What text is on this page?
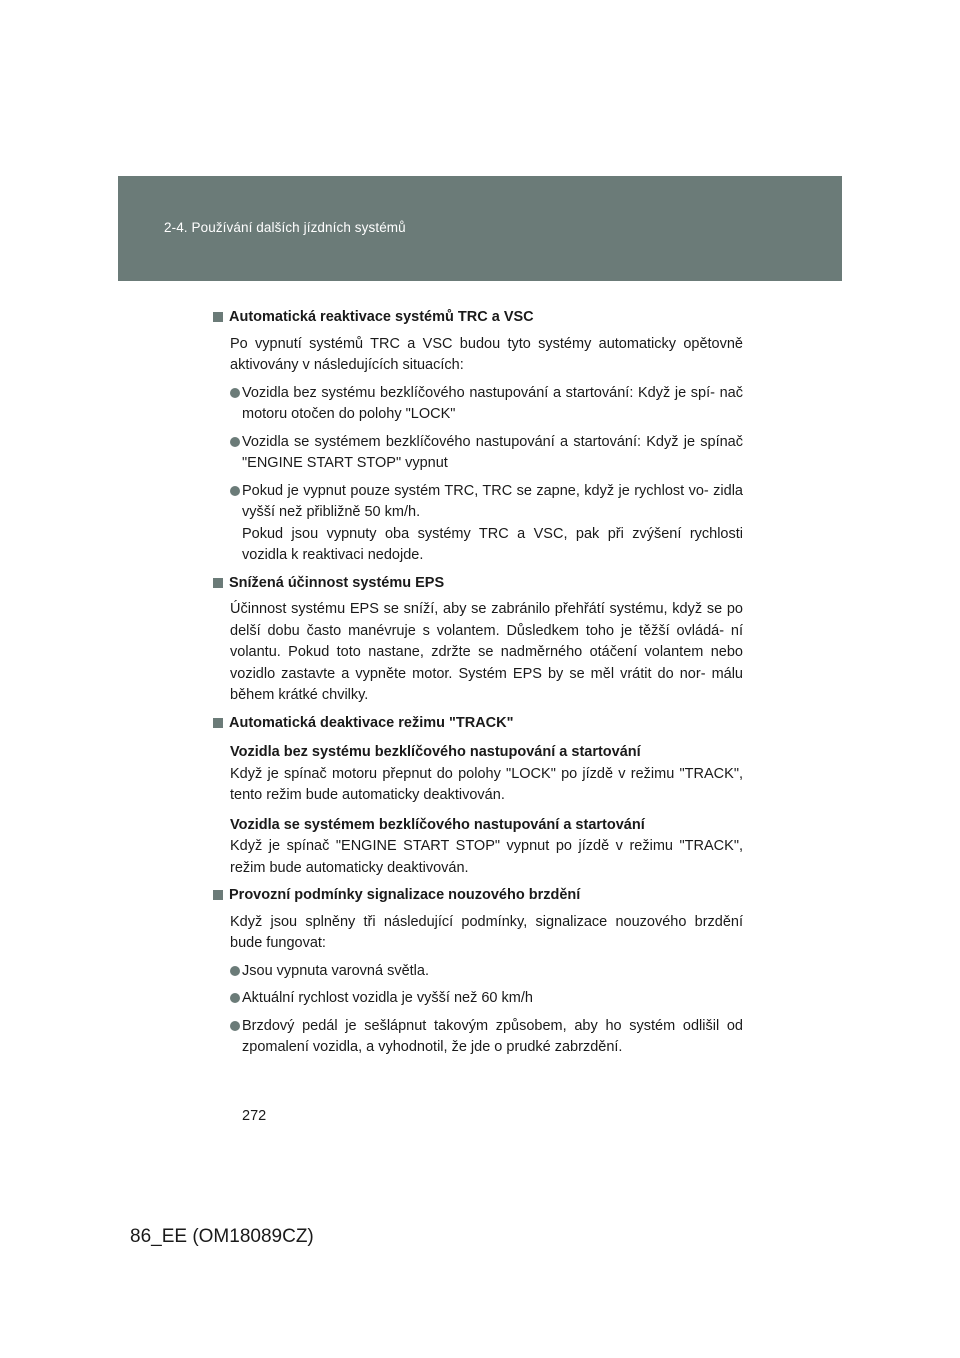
2-4. Používání dalších jízdních systémů
Automatická reaktivace systémů TRC a VSC
Po vypnutí systémů TRC a VSC budou tyto systémy automaticky opětovně aktivovány v následujících situacích:
Vozidla bez systému bezklíčového nastupování a startování: Když je spí- nač motoru otočen do polohy "LOCK"
Vozidla se systémem bezklíčového nastupování a startování: Když je spínač "ENGINE START STOP" vypnut
Pokud je vypnut pouze systém TRC, TRC se zapne, když je rychlost vo- zidla vyšší než přibližně 50 km/h.
Pokud jsou vypnuty oba systémy TRC a VSC, pak při zvýšení rychlosti vozidla k reaktivaci nedojde.
Snížená účinnost systému EPS
Účinnost systému EPS se sníží, aby se zabránilo přehřátí systému, když se po delší dobu často manévruje s volantem. Důsledkem toho je těžší ovládá- ní volantu. Pokud toto nastane, zdržte se nadměrného otáčení volantem nebo vozidlo zastavte a vypněte motor. Systém EPS by se měl vrátit do nor- málu během krátké chvilky.
Automatická deaktivace režimu "TRACK"
Vozidla bez systému bezklíčového nastupování a startování
Když je spínač motoru přepnut do polohy "LOCK" po jízdě v režimu "TRACK", tento režim bude automaticky deaktivován.
Vozidla se systémem bezklíčového nastupování a startování
Když je spínač "ENGINE START STOP" vypnut po jízdě v režimu "TRACK", režim bude automaticky deaktivován.
Provozní podmínky signalizace nouzového brzdění
Když jsou splněny tři následující podmínky, signalizace nouzového brzdění bude fungovat:
Jsou vypnuta varovná světla.
Aktuální rychlost vozidla je vyšší než 60 km/h
Brzdový pedál je sešlápnut takovým způsobem, aby ho systém odlišil od zpomalení vozidla, a vyhodnotil, že jde o prudké zabrzdění.
272
86_EE (OM18089CZ)
